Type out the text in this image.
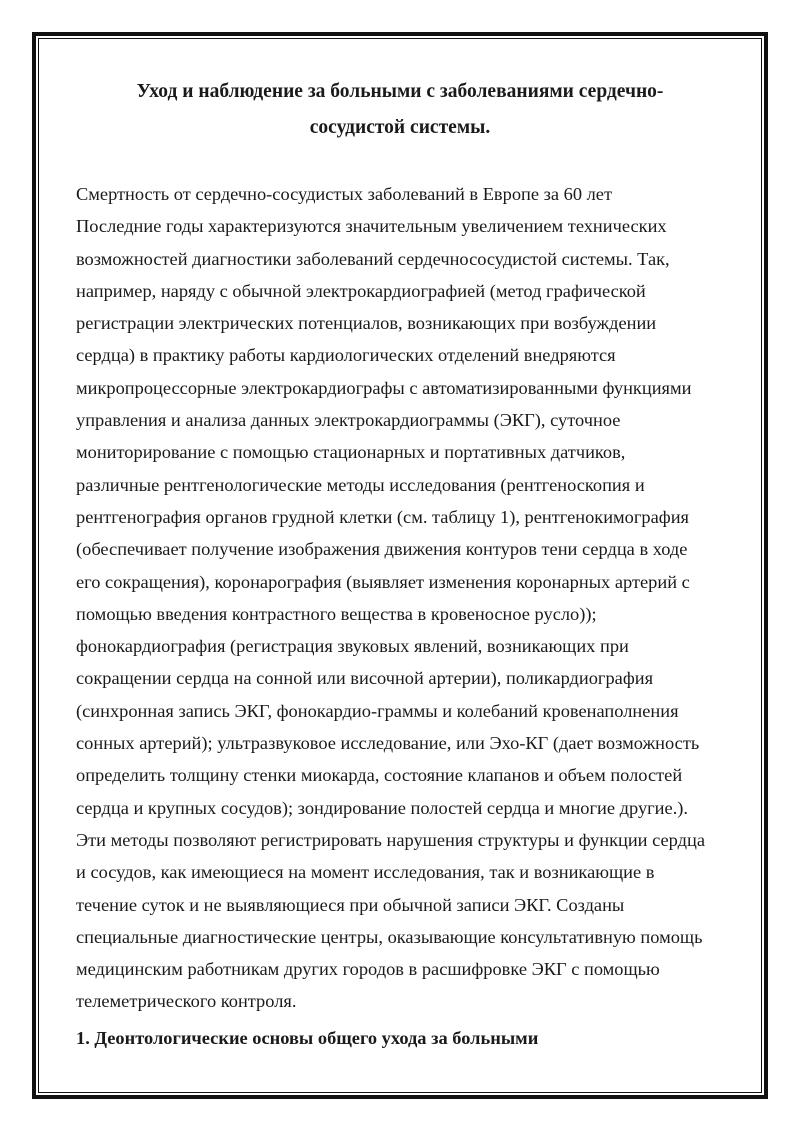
Уход и наблюдение за больными с заболеваниями сердечно-
сосудистой системы.
Смертность от сердечно-сосудистых заболеваний в Европе за 60 лет
Последние годы характеризуются значительным увеличением технических
возможностей диагностики заболеваний сердечнососудистой системы. Так,
например, наряду с обычной электрокардиографией (метод графической
регистрации электрических потенциалов, возникающих при возбуждении
сердца) в практику работы кардиологических отделений внедряются
микропроцессорные электрокардиографы с автоматизированными функциями
управления и анализа данных электрокардиограммы (ЭКГ), суточное
мониторирование с помощью стационарных и портативных датчиков,
различные рентгенологические методы исследования (рентгеноскопия и
рентгенография органов грудной клетки (см. таблицу 1), рентгенокимография
(обеспечивает получение изображения движения контуров тени сердца в ходе
его сокращения), коронарография (выявляет изменения коронарных артерий с
помощью введения контрастного вещества в кровеносное русло));
фонокардиография (регистрация звуковых явлений, возникающих при
сокращении сердца на сонной или височной артерии), поликардиография
(синхронная запись ЭКГ, фонокардио-граммы и колебаний кровенаполнения
сонных артерий); ультразвуковое исследование, или Эхо-КГ (дает возможность
определить толщину стенки миокарда, состояние клапанов и объем полостей
сердца и крупных сосудов); зондирование полостей сердца и многие другие.).
Эти методы позволяют регистрировать нарушения структуры и функции сердца
и сосудов, как имеющиеся на момент исследования, так и возникающие в
течение суток и не выявляющиеся при обычной записи ЭКГ. Созданы
специальные диагностические центры, оказывающие консультативную помощь
медицинским работникам других городов в расшифровке ЭКГ с помощью
телеметрического контроля.
1. Деонтологические основы общего ухода за больными
